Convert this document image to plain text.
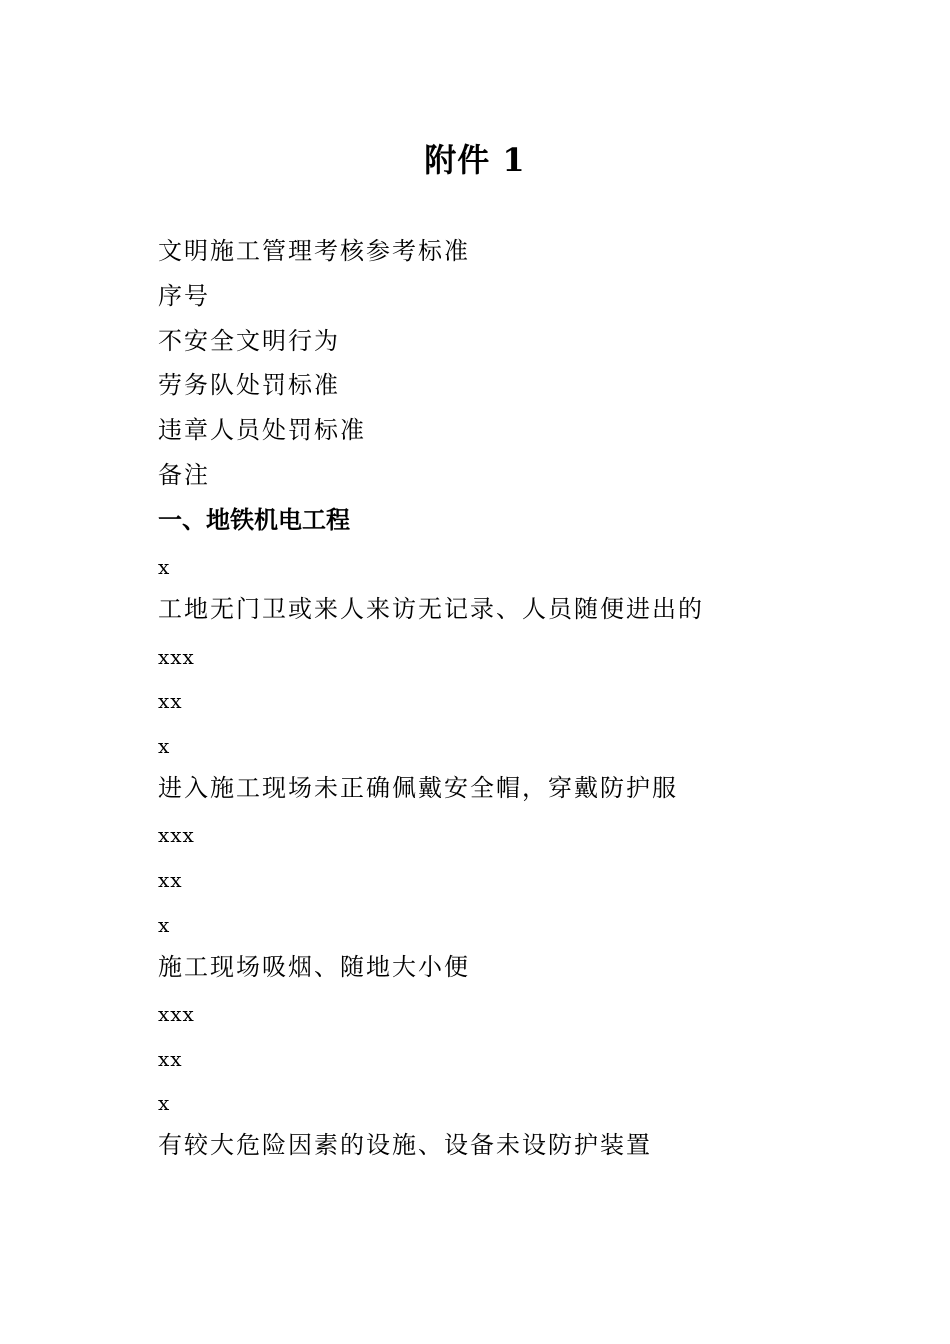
附件 1
文明施工管理考核参考标准
序号
不安全文明行为
劳务队处罚标准
违章人员处罚标准
备注
一、地铁机电工程
x
工地无门卫或来人来访无记录、人员随便进出的
xxx
xx
x
进入施工现场未正确佩戴安全帽，穿戴防护服
xxx
xx
x
施工现场吸烟、随地大小便
xxx
xx
x
有较大危险因素的设施、设备未设防护装置
